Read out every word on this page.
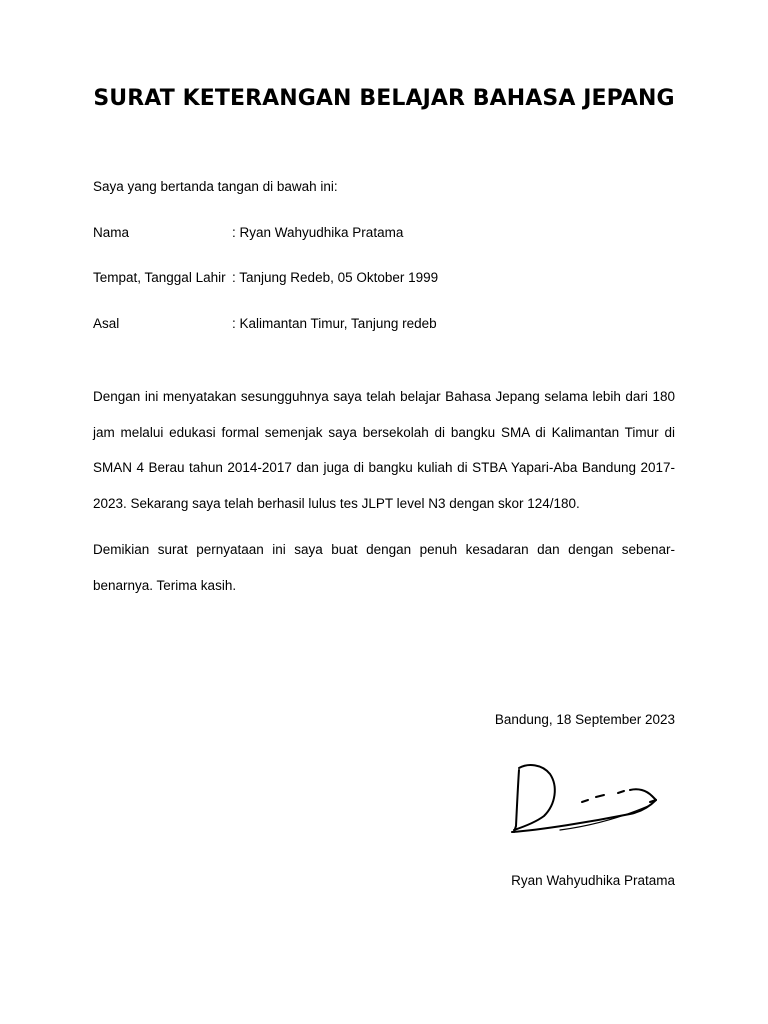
SURAT KETERANGAN BELAJAR BAHASA JEPANG
Saya yang bertanda tangan di bawah ini:
Nama	: Ryan Wahyudhika Pratama
Tempat, Tanggal Lahir : Tanjung Redeb, 05 Oktober 1999
Asal	: Kalimantan Timur, Tanjung redeb
Dengan ini menyatakan sesungguhnya saya telah belajar Bahasa Jepang selama lebih dari 180 jam melalui edukasi formal semenjak saya bersekolah di bangku SMA di Kalimantan Timur di SMAN 4 Berau tahun 2014-2017 dan juga di bangku kuliah di STBA Yapari-Aba Bandung 2017-2023. Sekarang saya telah berhasil lulus tes JLPT level N3 dengan skor 124/180.
Demikian surat pernyataan ini saya buat dengan penuh kesadaran dan dengan sebenar-benarnya. Terima kasih.
Bandung, 18 September 2023
Ryan Wahyudhika Pratama
